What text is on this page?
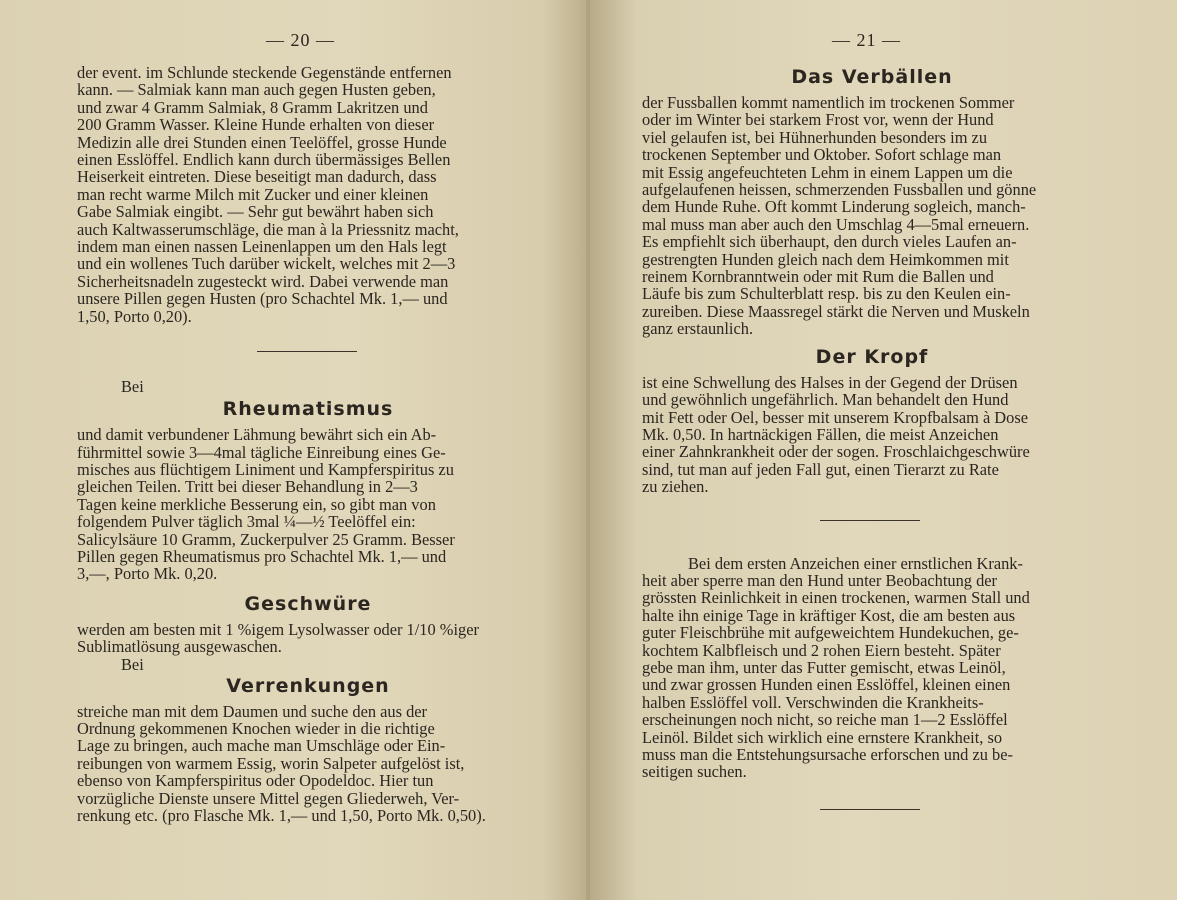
— 20 —

der event. im Schlunde steckende Gegenstände entfernen
kann. — Salmiak kann man auch gegen Husten geben,
und zwar 4 Gramm Salmiak, 8 Gramm Lakritzen und
200 Gramm Wasser. Kleine Hunde erhalten von dieser
Medizin alle drei Stunden einen Teelöffel, grosse Hunde
einen Esslöffel. Endlich kann durch übermässiges Bellen
Heiserkeit eintreten. Diese beseitigt man dadurch, dass
man recht warme Milch mit Zucker und einer kleinen
Gabe Salmiak eingibt. — Sehr gut bewährt haben sich
auch Kaltwasserumschläge, die man à la Priessnitz macht,
indem man einen nassen Leinenlappen um den Hals legt
und ein wollenes Tuch darüber wickelt, welches mit 2—3
Sicherheitsnadeln zugesteckt wird. Dabei verwende man
unsere Pillen gegen Husten (pro Schachtel Mk. 1,— und
1,50, Porto 0,20).

Bei

Rheumatismus

und damit verbundener Lähmung bewährt sich ein Ab-
führmittel sowie 3—4mal tägliche Einreibung eines Ge-
misches aus flüchtigem Liniment und Kampferspiritus zu
gleichen Teilen. Tritt bei dieser Behandlung in 2—3
Tagen keine merkliche Besserung ein, so gibt man von
folgendem Pulver täglich 3mal ¼—½ Teelöffel ein:
Salicylsäure 10 Gramm, Zuckerpulver 25 Gramm. Besser
Pillen gegen Rheumatismus pro Schachtel Mk. 1,— und
3,—, Porto Mk. 0,20.

Geschwüre

werden am besten mit 1 %igem Lysolwasser oder 1/10 %iger
Sublimatlösung ausgewaschen.

Bei

Verrenkungen

streiche man mit dem Daumen und suche den aus der
Ordnung gekommenen Knochen wieder in die richtige
Lage zu bringen, auch mache man Umschläge oder Ein-
reibungen von warmem Essig, worin Salpeter aufgelöst ist,
ebenso von Kampferspiritus oder Opodeldoc. Hier tun
vorzügliche Dienste unsere Mittel gegen Gliederweh, Ver-
renkung etc. (pro Flasche Mk. 1,— und 1,50, Porto Mk. 0,50).

— 21 —
Das Verbällen

der Fussballen kommt namentlich im trockenen Sommer
oder im Winter bei starkem Frost vor, wenn der Hund
viel gelaufen ist, bei Hühnerhunden besonders im zu
trockenen September und Oktober. Sofort schlage man
mit Essig angefeuchteten Lehm in einem Lappen um die
aufgelaufenen heissen, schmerzenden Fussballen und gönne
dem Hunde Ruhe. Oft kommt Linderung sogleich, manch-
mal muss man aber auch den Umschlag 4—5mal erneuern.
Es empfiehlt sich überhaupt, den durch vieles Laufen an-
gestrengten Hunden gleich nach dem Heimkommen mit
reinem Kornbranntwein oder mit Rum die Ballen und
Läufe bis zum Schulterblatt resp. bis zu den Keulen ein-
zureiben. Diese Maassregel stärkt die Nerven und Muskeln
ganz erstaunlich.

Der Kropf

ist eine Schwellung des Halses in der Gegend der Drüsen
und gewöhnlich ungefährlich. Man behandelt den Hund
mit Fett oder Oel, besser mit unserem Kropfbalsam à Dose
Mk. 0,50. In hartnäckigen Fällen, die meist Anzeichen
einer Zahnkrankheit oder der sogen. Froschlaichgeschwüre
sind, tut man auf jeden Fall gut, einen Tierarzt zu Rate
zu ziehen.

Bei dem ersten Anzeichen einer ernstlichen Krank-
heit aber sperre man den Hund unter Beobachtung der
grössten Reinlichkeit in einen trockenen, warmen Stall und
halte ihn einige Tage in kräftiger Kost, die am besten aus
guter Fleischbrühe mit aufgeweichtem Hundekuchen, ge-
kochtem Kalbfleisch und 2 rohen Eiern besteht. Später
gebe man ihm, unter das Futter gemischt, etwas Leinöl,
und zwar grossen Hunden einen Esslöffel, kleinen einen
halben Esslöffel voll. Verschwinden die Krankheits-
erscheinungen noch nicht, so reiche man 1—2 Esslöffel
Leinöl. Bildet sich wirklich eine ernstere Krankheit, so
muss man die Entstehungsursache erforschen und zu be-
seitigen suchen.
